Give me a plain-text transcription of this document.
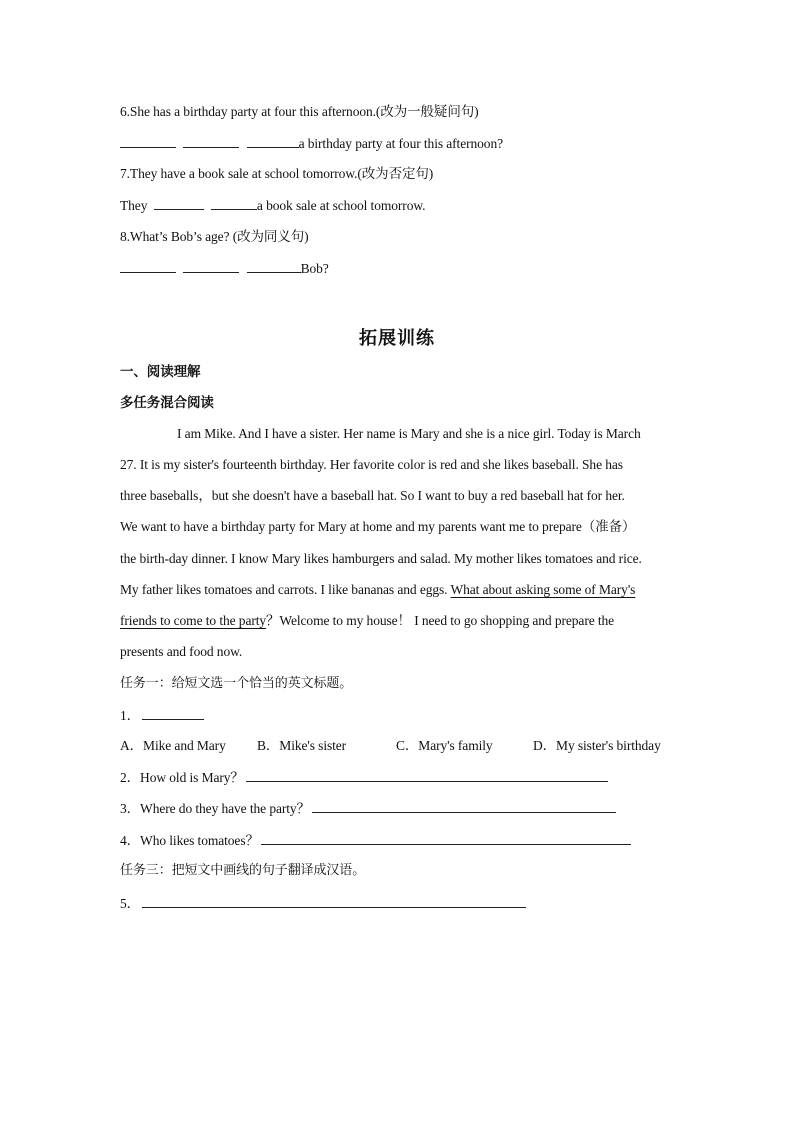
6.She has a birthday party at four this afternoon.(改为一般疑问句)
a birthday party at four this afternoon?
7.They have a book sale at school tomorrow.(改为否定句)
They	a book sale at school tomorrow.
8.What’s Bob’s age? (改为同义句)
Bob?
拓展训练
一、阅读理解
多任务混合阅读
I am Mike. And I have a sister. Her name is Mary and she is a nice girl. Today is March
27. It is my sister's fourteenth birthday. Her favorite color is red and she likes baseball. She has
three baseballs，but she doesn't have a baseball hat. So I want to buy a red baseball hat for her.
We want to have a birthday party for Mary at home and my parents want me to prepare（准备）
the birth-day dinner. I know Mary likes hamburgers and salad. My mother likes tomatoes and rice.
My father likes tomatoes and carrots. I like bananas and eggs. What about asking some of Mary's
friends to come to the party？Welcome to my house！ I need to go shopping and prepare the
presents and food now.
任务一：给短文选一个恰当的英文标题。
1．
A．Mike and Mary B．Mike's sister	C．Mary's family	D．My sister's birthday
2．How old is Mary？
3．Where do they have the party？
4．Who likes tomatoes？
任务三：把短文中画线的句子翻译成汉语。
5．
